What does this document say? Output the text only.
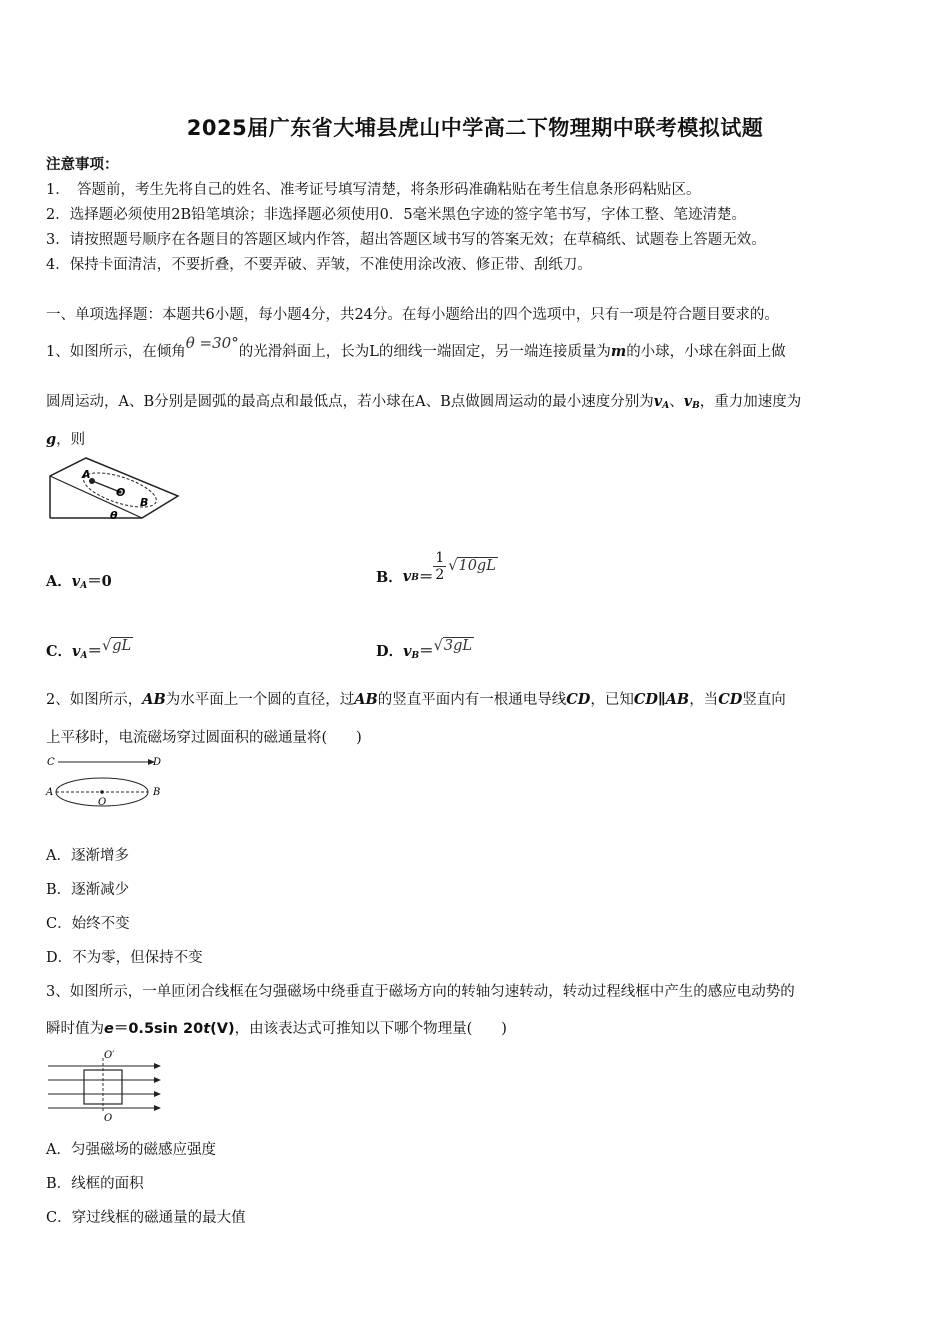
2025届广东省大埔县虎山中学高二下物理期中联考模拟试题
注意事项：
1．　答题前，考生先将自己的姓名、准考证号填写清楚，将条形码准确粘贴在考生信息条形码粘贴区。
2．选择题必须使用2B铅笔填涂；非选择题必须使用0．5毫米黑色字迹的签字笔书写，字体工整、笔迹清楚。
3．请按照题号顺序在各题目的答题区域内作答，超出答题区域书写的答案无效；在草稿纸、试题卷上答题无效。
4．保持卡面清洁，不要折叠，不要弄破、弄皱，不准使用涂改液、修正带、刮纸刀。
一、单项选择题：本题共6小题，每小题4分，共24分。在每小题给出的四个选项中，只有一项是符合题目要求的。
1、如图所示，在倾角θ =30°的光滑斜面上，长为L的细线一端固定，另一端连接质量为m的小球，小球在斜面上做
圆周运动，A、B分别是圆弧的最高点和最低点，若小球在A、B点做圆周运动的最小速度分别为$v_A$、$v_B$，重力加速度为
g，则
A
O
B
θ
A．$v_A=0$	B． $v_B = \frac{1}{2} √10gL$
C．$v_A=√gL$	D．$v_B=√3gL$
2、如图所示，AB为水平面上一个圆的直径，过AB的竖直平面内有一根通电导线CD，已知CD∥AB，当CD竖直向
上平移时，电流磁场穿过圆面积的磁通量将(　　)
C	D
A
O
B
A．逐渐增多
B．逐渐减少
C．始终不变
D．不为零，但保持不变
3、如图所示，一单匝闭合线框在匀强磁场中绕垂直于磁场方向的转轴匀速转动，转动过程线框中产生的感应电动势的
瞬时值为e＝0.5sin 20t(V)，由该表达式可推知以下哪个物理量(　　)
O′
O
A．匀强磁场的磁感应强度
B．线框的面积
C．穿过线框的磁通量的最大值
